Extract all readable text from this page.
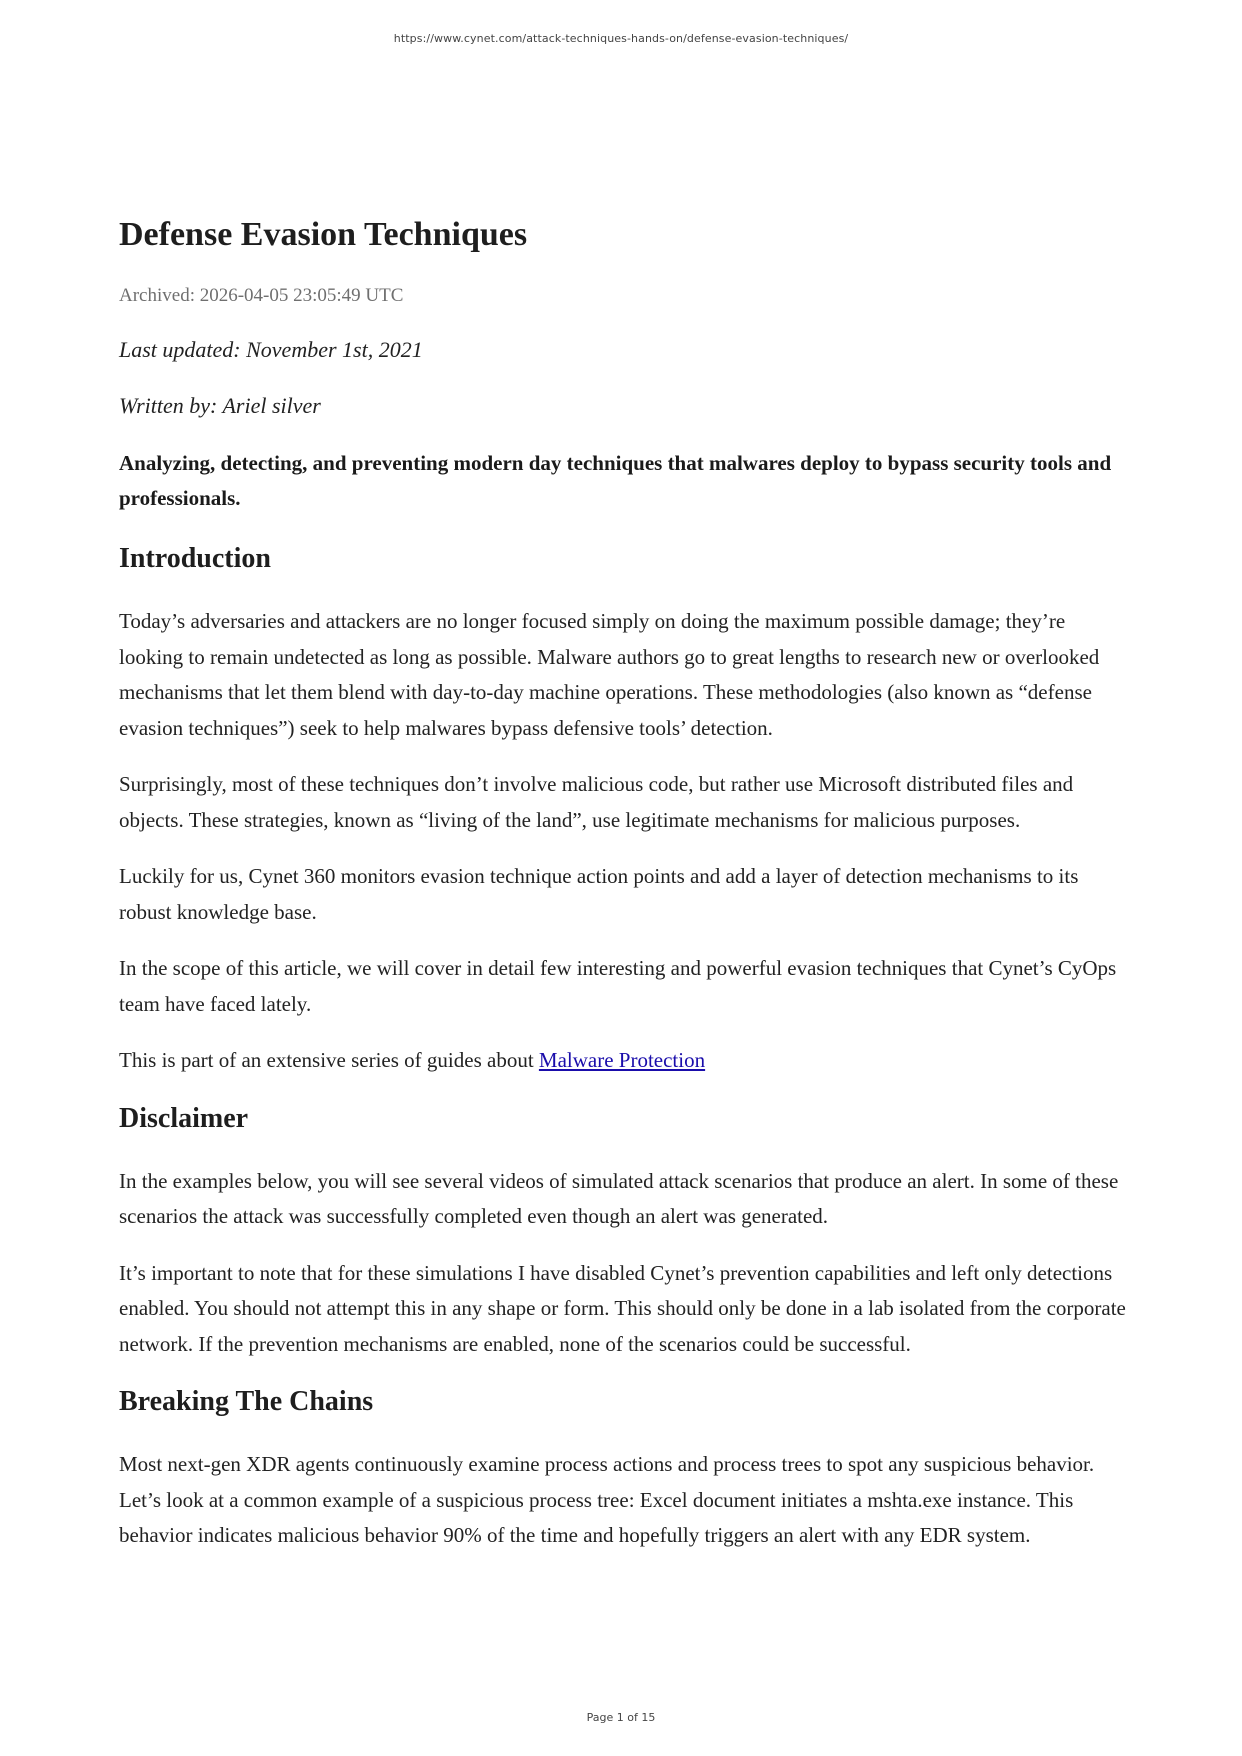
https://www.cynet.com/attack-techniques-hands-on/defense-evasion-techniques/
Defense Evasion Techniques
Archived: 2026-04-05 23:05:49 UTC
Last updated: November 1st, 2021
Written by: Ariel silver
Analyzing, detecting, and preventing modern day techniques that malwares deploy to bypass security tools and professionals.
Introduction

Today’s adversaries and attackers are no longer focused simply on doing the maximum possible damage; they’re looking to remain undetected as long as possible. Malware authors go to great lengths to research new or overlooked mechanisms that let them blend with day-to-day machine operations. These methodologies (also known as “defense evasion techniques”) seek to help malwares bypass defensive tools’ detection.

Surprisingly, most of these techniques don’t involve malicious code, but rather use Microsoft distributed files and objects. These strategies, known as “living of the land”, use legitimate mechanisms for malicious purposes.

Luckily for us, Cynet 360 monitors evasion technique action points and add a layer of detection mechanisms to its robust knowledge base.

In the scope of this article, we will cover in detail few interesting and powerful evasion techniques that Cynet’s CyOps team have faced lately.

This is part of an extensive series of guides about Malware Protection

Disclaimer

In the examples below, you will see several videos of simulated attack scenarios that produce an alert. In some of these scenarios the attack was successfully completed even though an alert was generated.

It’s important to note that for these simulations I have disabled Cynet’s prevention capabilities and left only detections enabled. You should not attempt this in any shape or form. This should only be done in a lab isolated from the corporate network. If the prevention mechanisms are enabled, none of the scenarios could be successful.

Breaking The Chains

Most next-gen XDR agents continuously examine process actions and process trees to spot any suspicious behavior. Let’s look at a common example of a suspicious process tree: Excel document initiates a mshta.exe instance. This behavior indicates malicious behavior 90% of the time and hopefully triggers an alert with any EDR system.

Page 1 of 15
